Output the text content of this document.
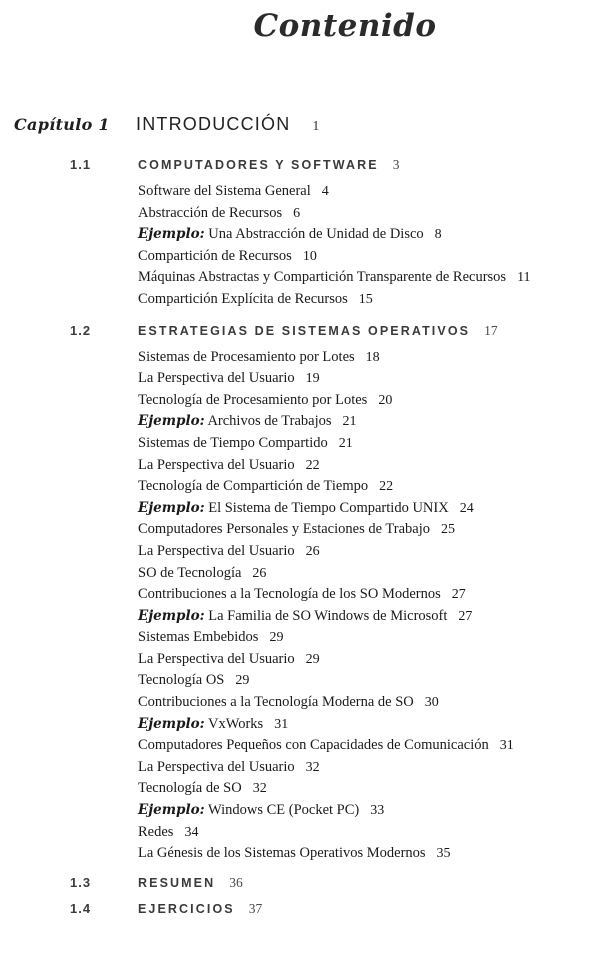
Contenido
Capítulo 1	INTRODUCCIÓN 1
1.1	COMPUTADORES Y SOFTWARE 3
Software del Sistema General 4
Abstracción de Recursos 6
Ejemplo: Una Abstracción de Unidad de Disco 8
Compartición de Recursos 10
Máquinas Abstractas y Compartición Transparente de Recursos 11
Compartición Explícita de Recursos 15
1.2	ESTRATEGIAS DE SISTEMAS OPERATIVOS 17
Sistemas de Procesamiento por Lotes 18
La Perspectiva del Usuario 19
Tecnología de Procesamiento por Lotes 20
Ejemplo: Archivos de Trabajos 21
Sistemas de Tiempo Compartido 21
La Perspectiva del Usuario 22
Tecnología de Compartición de Tiempo 22
Ejemplo: El Sistema de Tiempo Compartido UNIX 24
Computadores Personales y Estaciones de Trabajo 25
La Perspectiva del Usuario 26
SO de Tecnología 26
Contribuciones a la Tecnología de los SO Modernos 27
Ejemplo: La Familia de SO Windows de Microsoft 27
Sistemas Embebidos 29
La Perspectiva del Usuario 29
Tecnología OS 29
Contribuciones a la Tecnología Moderna de SO 30
Ejemplo: VxWorks 31
Computadores Pequeños con Capacidades de Comunicación 31
La Perspectiva del Usuario 32
Tecnología de SO 32
Ejemplo: Windows CE (Pocket PC) 33
Redes 34
La Génesis de los Sistemas Operativos Modernos 35
1.3	RESUMEN 36
1.4	EJERCICIOS 37
